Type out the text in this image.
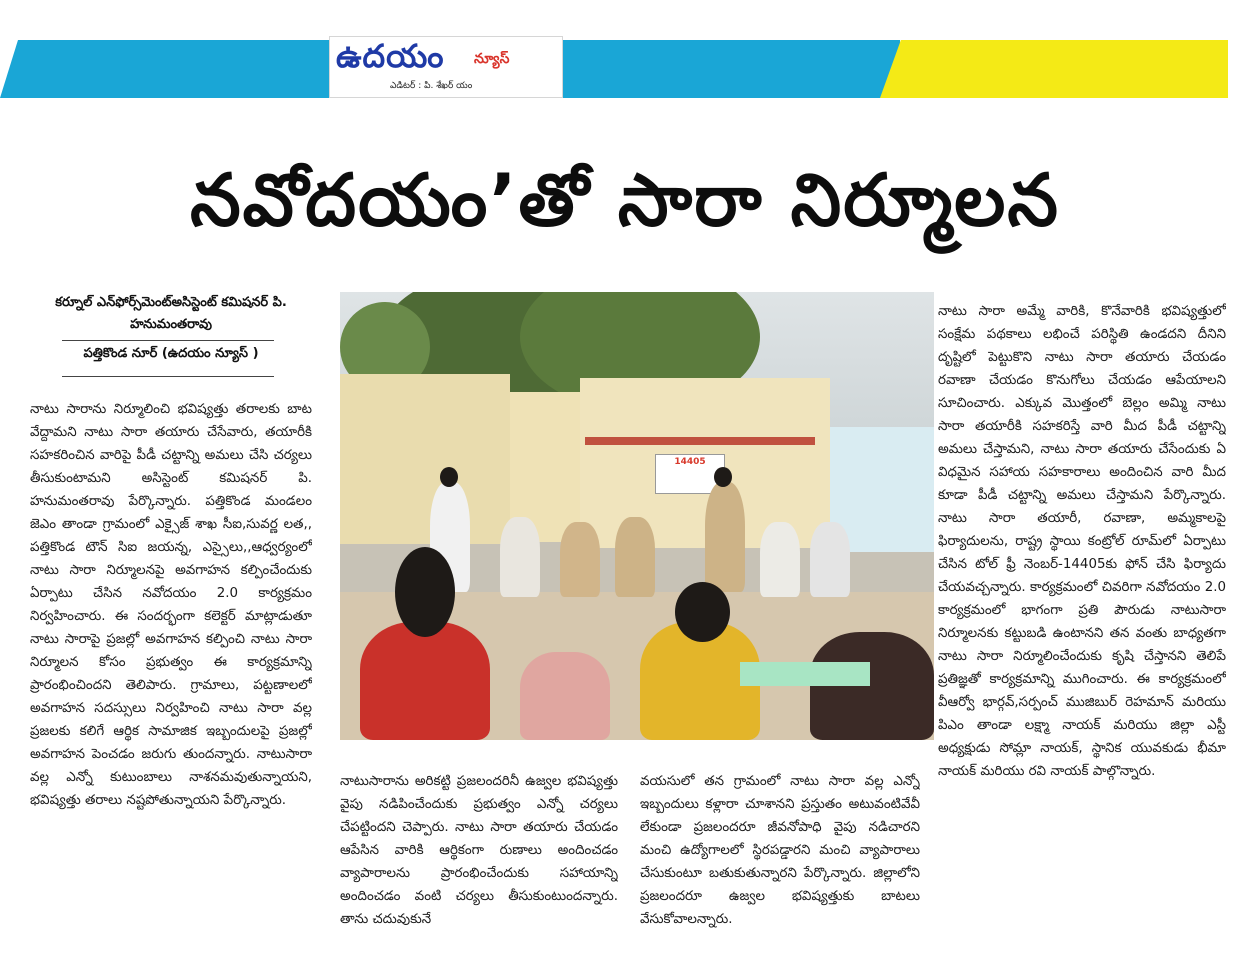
ఉదయం న్యూస్
ఎడిటర్ : పి. శేఖర్ యం
నవోదయం’తో సారా నిర్మూలన
కర్నూల్ ఎన్‌ఫోర్స్‌మెంట్‌అసిస్టెంట్ కమిషనర్ పి. హనుమంతరావు
పత్తికొండ నూర్ (ఉదయం న్యూస్ )
నాటు సారాను నిర్మూలించి భవిష్యత్తు తరాలకు బాట వేద్దామని నాటు సారా తయారు చేసేవారు, తయారీకి సహకరించిన వారిపై పీడీ చట్టాన్ని అమలు చేసి చర్యలు తీసుకుంటామని అసిస్టెంట్ కమిషనర్ పి. హనుమంతరావు పేర్కొన్నారు. పత్తికొండ మండలం జెఎం తాండా గ్రామంలో ఎక్సైజ్ శాఖ సీఐ,సువర్ణ లత,, పత్తికొండ టౌన్ సిఐ జయన్న, ఎస్సైలు,,ఆధ్వర్యంలో నాటు సారా నిర్మూలనపై అవగాహన కల్పించేందుకు ఏర్పాటు చేసిన నవోదయం 2.0 కార్యక్రమం నిర్వహించారు. ఈ సందర్భంగా కలెక్టర్ మాట్లాడుతూ నాటు సారాపై ప్రజల్లో అవగాహన కల్పించి నాటు సారా నిర్మూలన కోసం ప్రభుత్వం ఈ కార్యక్రమాన్ని ప్రారంభించిందని తెలిపారు. గ్రామాలు, పట్టణాలలో అవగాహన సదస్సులు నిర్వహించి నాటు సారా వల్ల ప్రజలకు కలిగే ఆర్థిక సామాజిక ఇబ్బందులపై ప్రజల్లో అవగాహన పెంచడం జరుగు తుందన్నారు. నాటుసారా వల్ల ఎన్నో కుటుంబాలు నాశనమవుతున్నాయని, భవిష్యత్తు తరాలు నష్టపోతున్నాయని పేర్కొన్నారు.
14405
నాటుసారాను అరికట్టి ప్రజలందరినీ ఉజ్వల భవిష్యత్తు వైపు నడిపించేందుకు ప్రభుత్వం ఎన్నో చర్యలు చేపట్టిందని చెప్పారు. నాటు సారా తయారు చేయడం ఆపేసిన వారికి ఆర్థికంగా రుణాలు అందించడం వ్యాపారాలను ప్రారంభించేందుకు సహాయాన్ని అందించడం వంటి చర్యలు తీసుకుంటుందన్నారు. తాను చదువుకునే
వయసులో తన గ్రామంలో నాటు సారా వల్ల ఎన్నో ఇబ్బందులు కళ్లారా చూశానని ప్రస్తుతం అటువంటివేవీ లేకుండా ప్రజలందరూ జీవనోపాధి వైపు నడిచారని మంచి ఉద్యోగాలలో స్థిరపడ్డారని మంచి వ్యాపారాలు చేసుకుంటూ బతుకుతున్నారని పేర్కొన్నారు. జిల్లాలోని ప్రజలందరూ ఉజ్వల భవిష్యత్తుకు బాటలు వేసుకోవాలన్నారు.
నాటు సారా అమ్మే వారికి, కొనేవారికి భవిష్యత్తులో సంక్షేమ పథకాలు లభించే పరిస్థితి ఉండదని దీనిని దృష్టిలో పెట్టుకొని నాటు సారా తయారు చేయడం రవాణా చేయడం కొనుగోలు చేయడం ఆపేయాలని సూచించారు. ఎక్కువ మొత్తంలో బెల్లం అమ్మి నాటు సారా తయారీకి సహకరిస్తే వారి మీద పీడీ చట్టాన్ని అమలు చేస్తామని, నాటు సారా తయారు చేసేందుకు ఏ విధమైన సహాయ సహకారాలు అందించిన వారి మీద కూడా పీడీ చట్టాన్ని అమలు చేస్తామని పేర్కొన్నారు. నాటు సారా తయారీ, రవాణా, అమ్మకాలపై ఫిర్యాదులను, రాష్ట్ర స్థాయి కంట్రోల్ రూమ్‌లో ఏర్పాటు చేసిన టోల్ ఫ్రీ నెంబర్-14405కు ఫోన్ చేసి ఫిర్యాదు చేయవచ్చన్నారు. కార్యక్రమంలో చివరిగా నవోదయం 2.0 కార్యక్రమంలో భాగంగా ప్రతి పౌరుడు నాటుసారా నిర్మూలనకు కట్టుబడి ఉంటానని తన వంతు బాధ్యతగా నాటు సారా నిర్మూలించేందుకు కృషి చేస్తానని తెలిపే ప్రతిజ్ఞతో కార్యక్రమాన్ని ముగించారు. ఈ కార్యక్రమంలో వీఆర్వో భార్గవ్,సర్పంచ్ ముజిబుర్ రెహమాన్ మరియు పిఎం తాండా లక్ష్మా నాయక్ మరియు జిల్లా ఎస్టీ అధ్యక్షుడు సోమ్లా నాయక్, స్థానిక యువకుడు భీమా నాయక్ మరియు రవి నాయక్ పాల్గొన్నారు.
